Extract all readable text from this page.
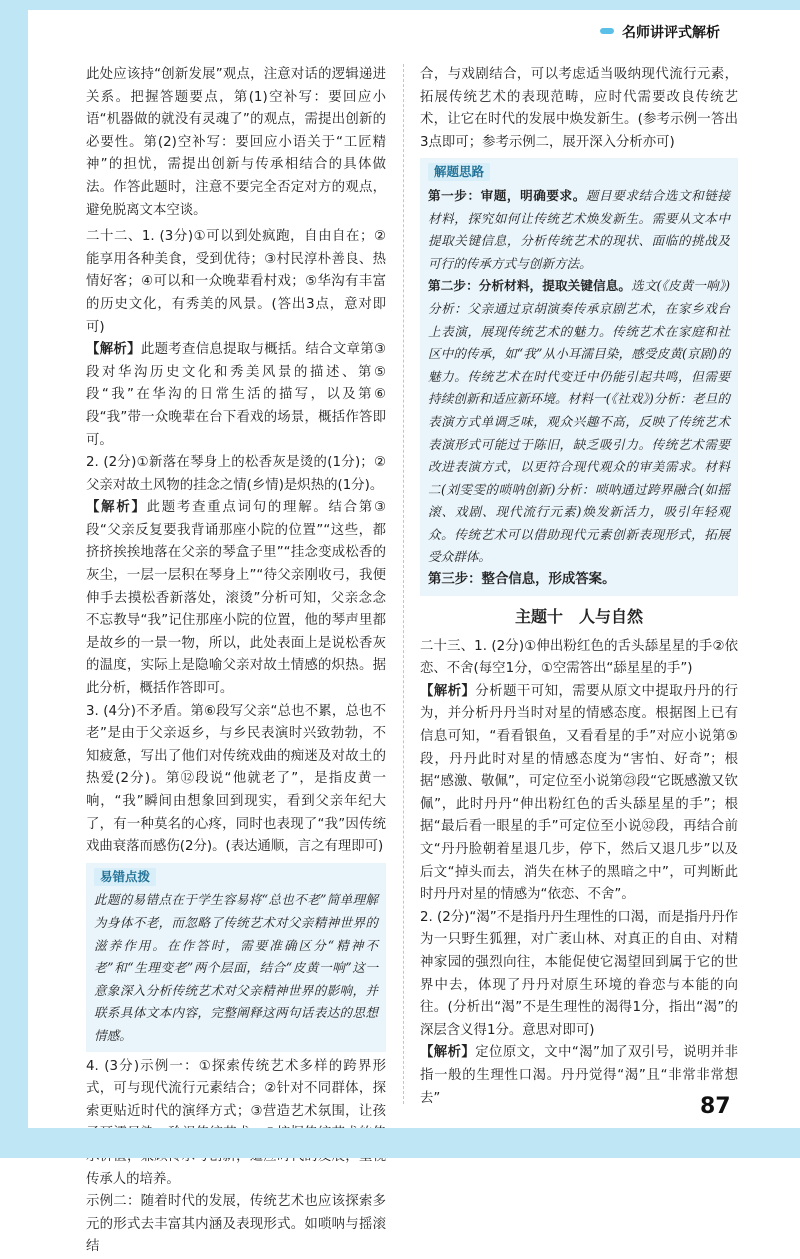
名师讲评式解析

此处应该持“创新发展”观点，注意对话的逻辑递进关系。把握答题要点，第(1)空补写：要回应小语“机器做的就没有灵魂了”的观点，需提出创新的必要性。第(2)空补写：要回应小语关于“工匠精神”的担忧，需提出创新与传承相结合的具体做法。作答此题时，注意不要完全否定对方的观点，避免脱离文本空谈。

二十二、1. (3分)①可以到处疯跑，自由自在；②能享用各种美食，受到优待；③村民淳朴善良、热情好客；④可以和一众晚辈看村戏；⑤华沟有丰富的历史文化，有秀美的风景。(答出3点，意对即可)

【解析】此题考查信息提取与概括。结合文章第③段对华沟历史文化和秀美风景的描述、第⑤段“我”在华沟的日常生活的描写，以及第⑥段“我”带一众晚辈在台下看戏的场景，概括作答即可。

2. (2分)①新落在琴身上的松香灰是烫的(1分)；②父亲对故土风物的挂念之情(乡情)是炽热的(1分)。

【解析】此题考查重点词句的理解。结合第③段“父亲反复要我背诵那座小院的位置”“这些，都挤挤挨挨地落在父亲的琴盒子里”“挂念变成松香的灰尘，一层一层积在琴身上”“待父亲刚收弓，我便伸手去摸松香新落处，滚烫”分析可知，父亲念念不忘教导“我”记住那座小院的位置，他的琴声里都是故乡的一景一物，所以，此处表面上是说松香灰的温度，实际上是隐喻父亲对故土情感的炽热。据此分析，概括作答即可。

3. (4分)不矛盾。第⑥段写父亲“总也不累，总也不老”是由于父亲返乡，与乡民表演时兴致勃勃，不知疲惫，写出了他们对传统戏曲的痴迷及对故土的热爱(2分)。第⑫段说“他就老了”，是指皮黄一响，“我”瞬间由想象回到现实，看到父亲年纪大了，有一种莫名的心疼，同时也表现了“我”因传统戏曲衰落而感伤(2分)。(表达通顺，言之有理即可)

易错点拨

此题的易错点在于学生容易将“总也不老”简单理解为身体不老，而忽略了传统艺术对父亲精神世界的滋养作用。在作答时，需要准确区分“精神不老”和“生理变老”两个层面，结合“皮黄一响”这一意象深入分析传统艺术对父亲精神世界的影响，并联系具体文本内容，完整阐释这两句话表达的思想情感。

4. (3分)示例一：①探索传统艺术多样的跨界形式，可与现代流行元素结合；②针对不同群体，探索更贴近时代的演绎方式；③营造艺术氛围，让孩 传承人的培养。

示例二：随着时代的发展，传统艺术也应该探索多元的形式去丰富其内涵及表现形式。如唢呐与摇滚结

合，与戏剧结合，可以考虑适当吸纳现代流行元素，拓展传统艺术的表现范畴，应时代需要改良传统艺术，让它在时代的发展中焕发新生。(参考示例一答出3点即可；参考示例二，展开深入分析亦可)

解题思路

第一步：审题，明确要求。题目要求结合选文和链接材料，探究如何让传统艺术焕发新生。需要从文本中提取关键信息，分析传统艺术的现状、面临的挑战及可行的传承方式与创新方法。

第二步：分析材料，提取关键信息。选文(《皮黄一响》)分析：父亲通过京胡演奏传承京剧艺术，在家乡戏台上表演，展现传统艺术的魅力。传统艺术在家庭和社区中的传承，如“我”从小耳濡目染，感受皮黄(京剧)的魅力。传统艺术在时代变迁中仍能引起共鸣，但需要持续创新和适应新环境。材料一(《社戏》)分析：老旦的表演方式单调乏味，观众兴趣不高，反映了传统艺术表演形式可能过于陈旧，缺乏吸引力。传统艺术需要改进表演方式，以更符合现代观众的审美需求。材料二(刘雯雯的唢呐创新)分析：唢呐通过跨界融合(如摇滚、戏剧、现代流行元素)焕发新活力，吸引年轻观众。传统艺术可以借助现代元素创新表现形式，拓展受众群体。

第三步：整合信息，形成答案。

主题十　人与自然

二十三、1. (2分)①伸出粉红色的舌头舔星星的手②依恋、不舍(每空1分，①空需答出“舔星星的手”)

【解析】分析题干可知，需要从原文中提取丹丹的行为，并分析丹丹当时对星的情感态度。根据图上已有信息可知，“看看银鱼，又看看星的手”对应小说第⑤段，丹丹此时对星的情感态度为“害怕、好奇”；根据“感激、敬佩”，可定位至小说第㉓段“它既感激又钦佩”，此时丹丹“伸出粉红色的舌头舔星星的手”；根据“最后看一眼星的手”可定位至小说㉜段，再结合前文“丹丹脸朝着星退几步，停下，然后又退几步”以及后文“掉头而去，消失在林子的黑暗之中”，可判断此时丹丹对星的情感为“依恋、不舍”。

2. (2分)“渴”不是指丹丹生理性的口渴，而是指丹丹作为一只野生狐狸，对广袤山林、对真正的自由、对精神家园的强烈向往，本能促使它渴望回到属于它的世界中去，体现了丹丹对原生环境的眷恋与本能的向往。(分析出“渴”不是生理性的渴得1分，指出“渴”的深层含义得1分。意思对即可)

【解析】定位原文，文中“渴”加了双引号，说明并非指一般的生理性口渴。丹丹觉得“渴”且“非常非常想去”	87
